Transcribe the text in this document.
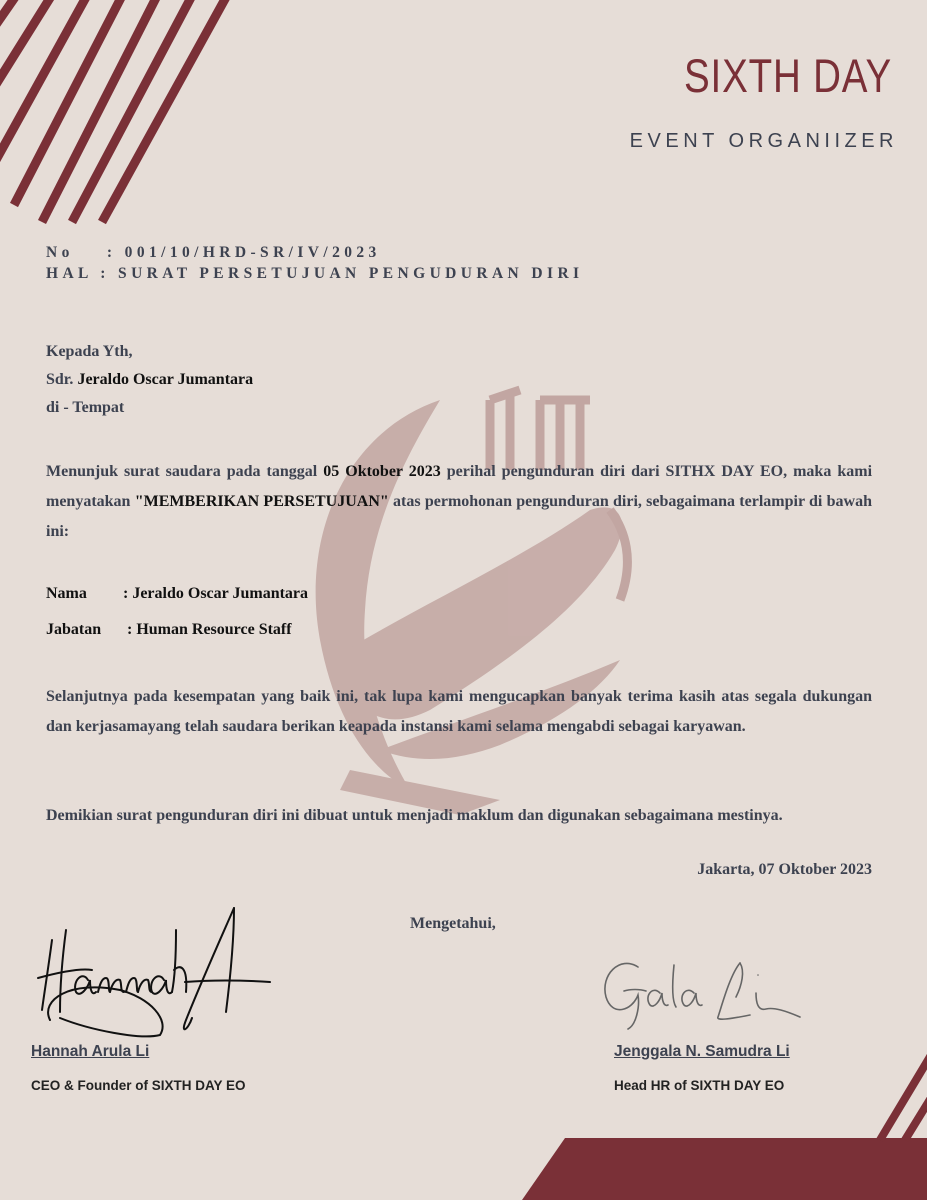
SIXTH DAY
EVENT ORGANIIZER
No    : 001/10/HRD-SR/IV/2023
HAL : SURAT PERSETUJUAN PENGUDURAN DIRI
Kepada Yth,
Sdr. Jeraldo Oscar Jumantara
di - Tempat
Menunjuk surat saudara pada tanggal 05 Oktober 2023 perihal pengunduran diri dari SITHX DAY EO, maka kami menyatakan "MEMBERIKAN PERSETUJUAN" atas permohonan pengunduran diri, sebagaimana terlampir di bawah ini:
Nama : Jeraldo Oscar Jumantara
Jabatan : Human Resource Staff
Selanjutnya pada kesempatan yang baik ini, tak lupa kami mengucapkan banyak terima kasih atas segala dukungan dan kerjasamayang telah saudara berikan keapada instansi kami selama mengabdi sebagai karyawan.
Demikian surat pengunduran diri ini dibuat untuk menjadi maklum dan digunakan sebagaimana mestinya.
Jakarta, 07 Oktober 2023
Mengetahui,
Hannah Arula Li
CEO & Founder of SIXTH DAY EO
Jenggala N. Samudra Li
Head HR of SIXTH DAY EO
